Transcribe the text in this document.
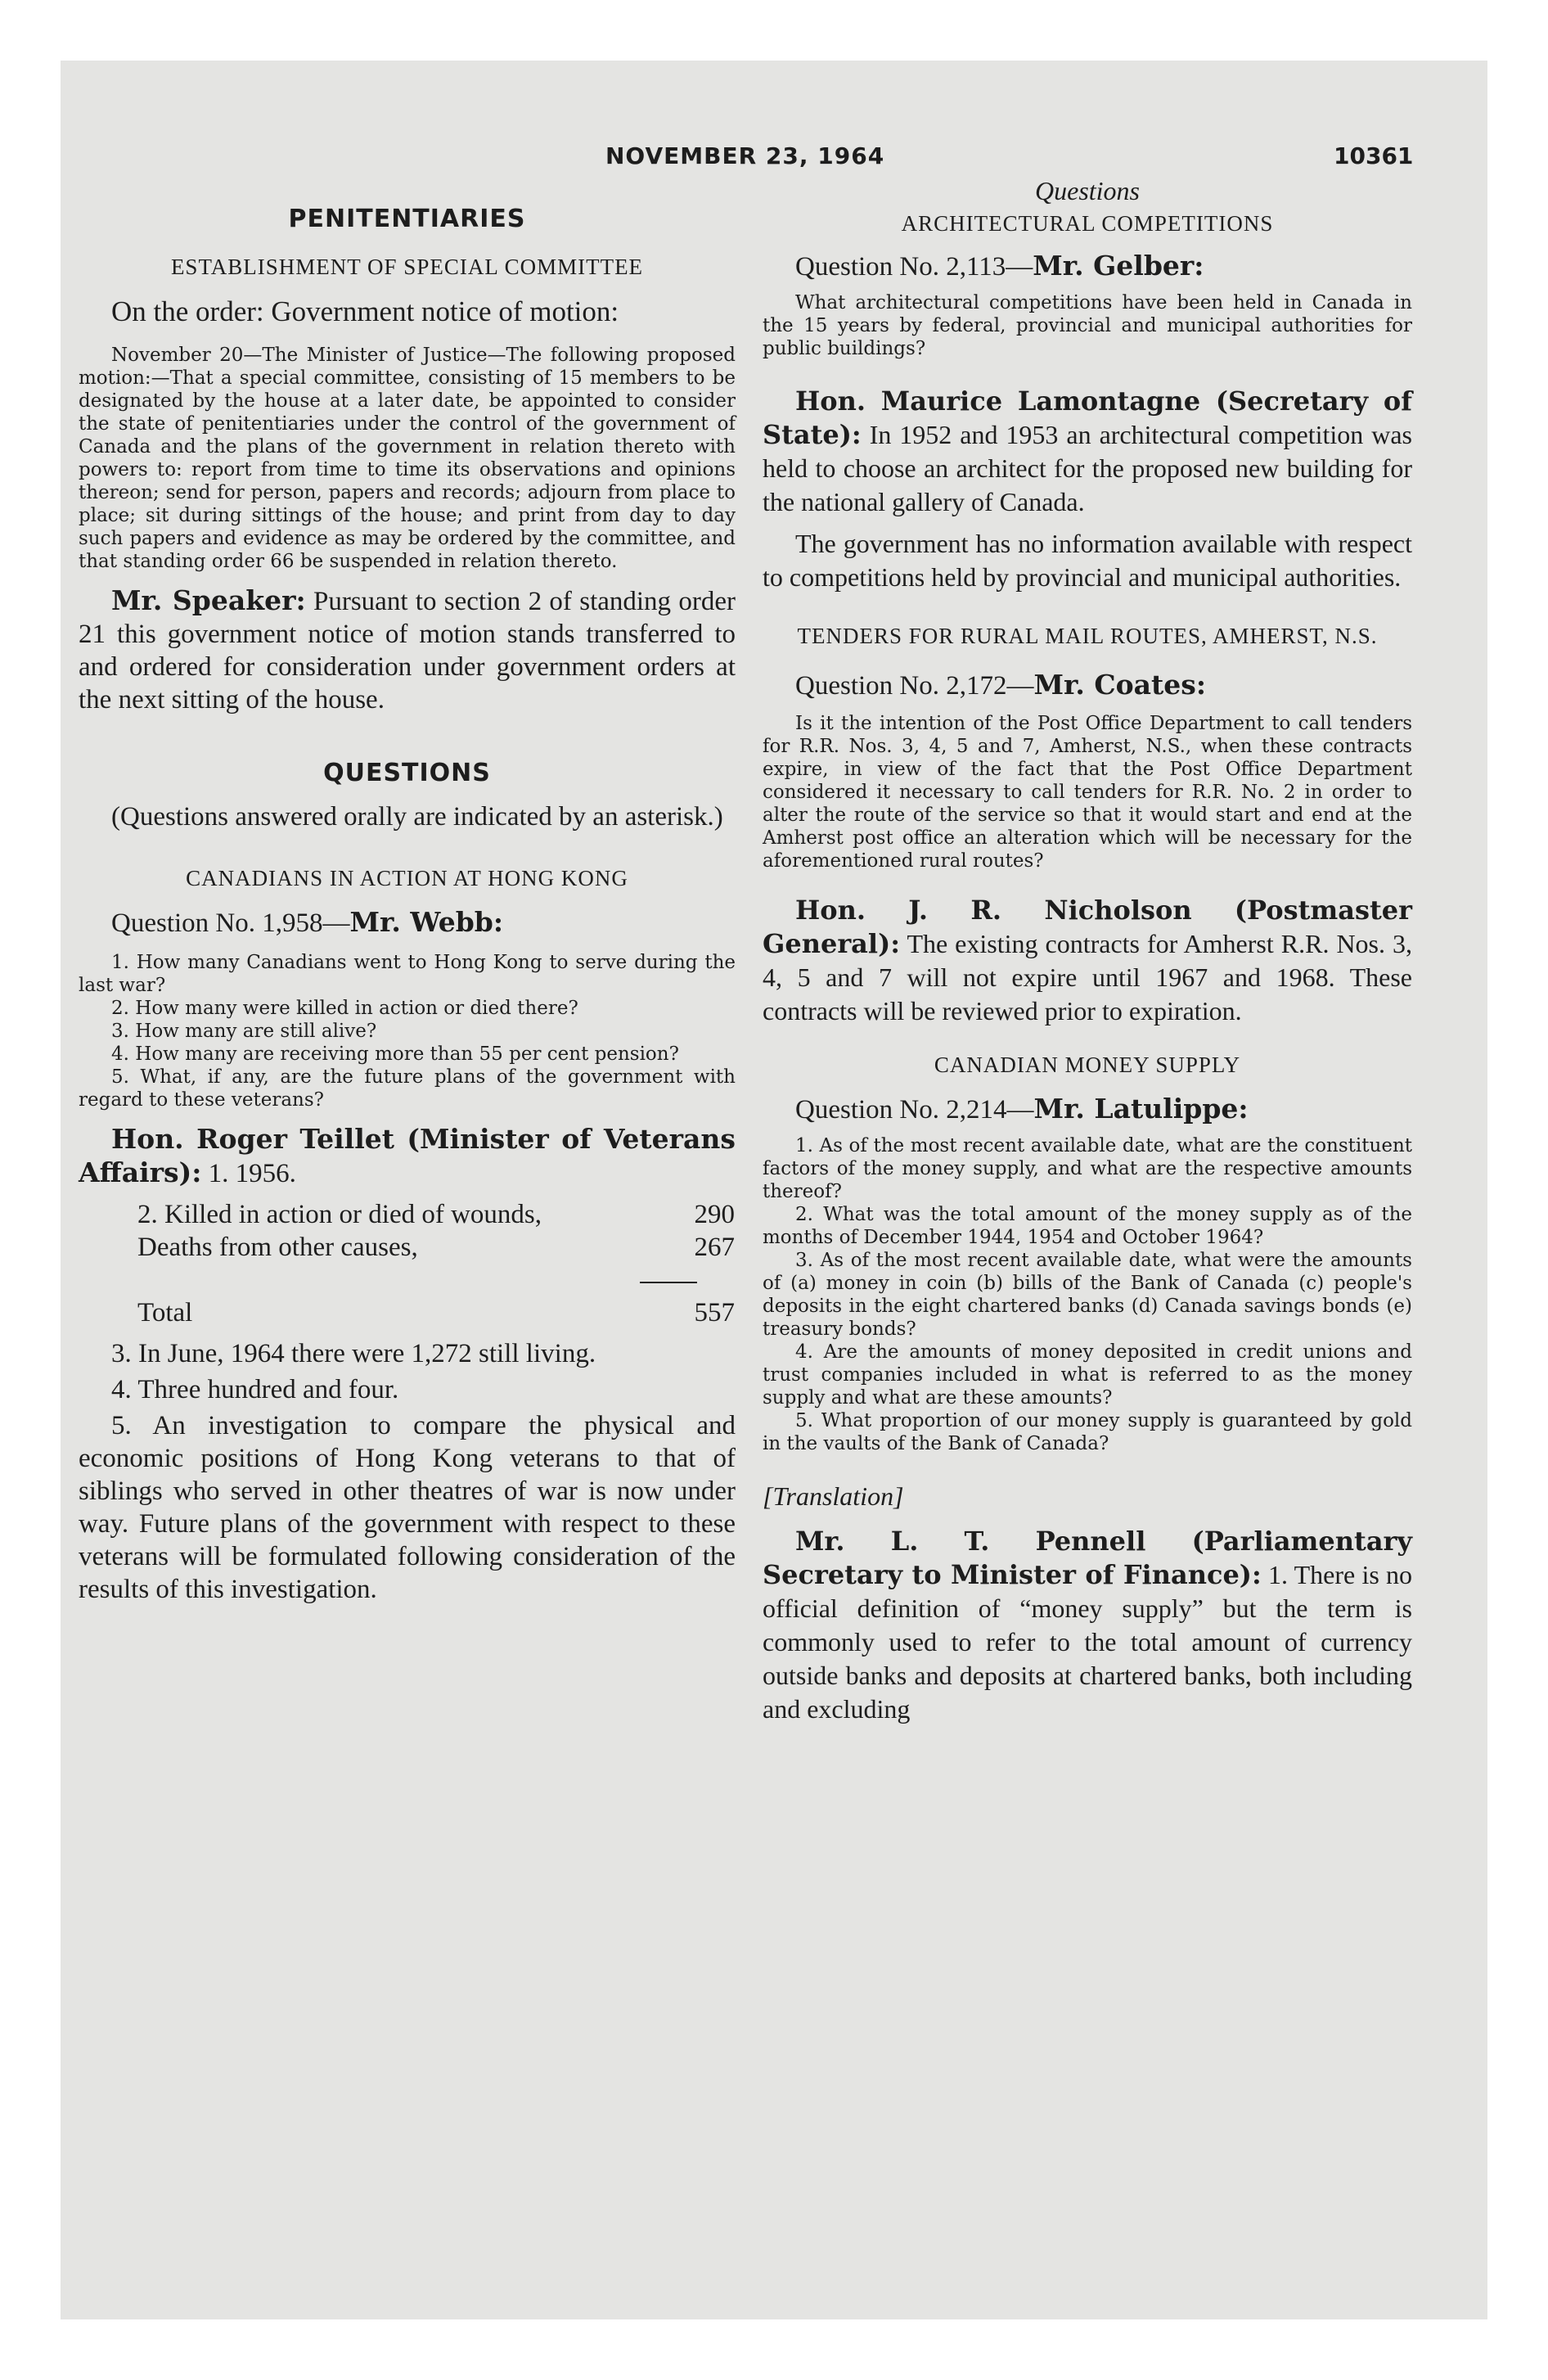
NOVEMBER 23, 1964	10361
PENITENTIARIES
ESTABLISHMENT OF SPECIAL COMMITTEE

On the order: Government notice of motion:

November 20—The Minister of Justice—The following proposed motion:—That a special committee, consisting of 15 members to be designated by the house at a later date, be appointed to consider the state of penitentiaries under the control of the government of Canada and the plans of the government in relation thereto with powers to: report from time to time its observations and opinions thereon; send for person, papers and records; adjourn from place to place; sit during sittings of the house; and print from day to day such papers and evidence as may be ordered by the committee, and that standing order 66 be suspended in relation thereto.

Mr. Speaker: Pursuant to section 2 of standing order 21 this government notice of motion stands transferred to and ordered for consideration under government orders at the next sitting of the house.

QUESTIONS

(Questions answered orally are indicated by an asterisk.)

CANADIANS IN ACTION AT HONG KONG

Question No. 1,958—Mr. Webb:

1. How many Canadians went to Hong Kong to serve during the last war?

2. How many were killed in action or died there?

3. How many are still alive?

4. How many are receiving more than 55 per cent pension?

5. What, if any, are the future plans of the government with regard to these veterans?

Hon. Roger Teillet (Minister of Veterans Affairs): 1. 1956.

2. Killed in action or died of wounds,	290
Deaths from other causes,	267
Total	557

3. In June, 1964 there were 1,272 still living.

4. Three hundred and four.

5. An investigation to compare the physical and economic positions of Hong Kong veterans to that of siblings who served in other theatres of war is now under way. Future plans of the government with respect to these veterans will be formulated following consideration of the results of this investigation.

Questions
ARCHITECTURAL COMPETITIONS

Question No. 2,113—Mr. Gelber:

What architectural competitions have been held in Canada in the 15 years by federal, provincial and municipal authorities for public buildings?

Hon. Maurice Lamontagne (Secretary of State): In 1952 and 1953 an architectural competition was held to choose an architect for the proposed new building for the national gallery of Canada.

The government has no information available with respect to competitions held by provincial and municipal authorities.

TENDERS FOR RURAL MAIL ROUTES, AMHERST, N.S.

Question No. 2,172—Mr. Coates:

Is it the intention of the Post Office Department to call tenders for R.R. Nos. 3, 4, 5 and 7, Amherst, N.S., when these contracts expire, in view of the fact that the Post Office Department considered it necessary to call tenders for R.R. No. 2 in order to alter the route of the service so that it would start and end at the Amherst post office an alteration which will be necessary for the aforementioned rural routes?

Hon. J. R. Nicholson (Postmaster General): The existing contracts for Amherst R.R. Nos. 3, 4, 5 and 7 will not expire until 1967 and 1968. These contracts will be reviewed prior to expiration.

CANADIAN MONEY SUPPLY

Question No. 2,214—Mr. Latulippe:

1. As of the most recent available date, what are the constituent factors of the money supply, and what are the respective amounts thereof?

2. What was the total amount of the money supply as of the months of December 1944, 1954 and October 1964?

3. As of the most recent available date, what were the amounts of (a) money in coin (b) bills of the Bank of Canada (c) people's deposits in the eight chartered banks (d) Canada savings bonds (e) treasury bonds?

4. Are the amounts of money deposited in credit unions and trust companies included in what is referred to as the money supply and what are these amounts?

5. What proportion of our money supply is guaranteed by gold in the vaults of the Bank of Canada?

[Translation]

Mr. L. T. Pennell (Parliamentary Secretary to Minister of Finance): 1. There is no official definition of “money supply” but the term is commonly used to refer to the total amount of currency outside banks and deposits at chartered banks, both including and excluding
